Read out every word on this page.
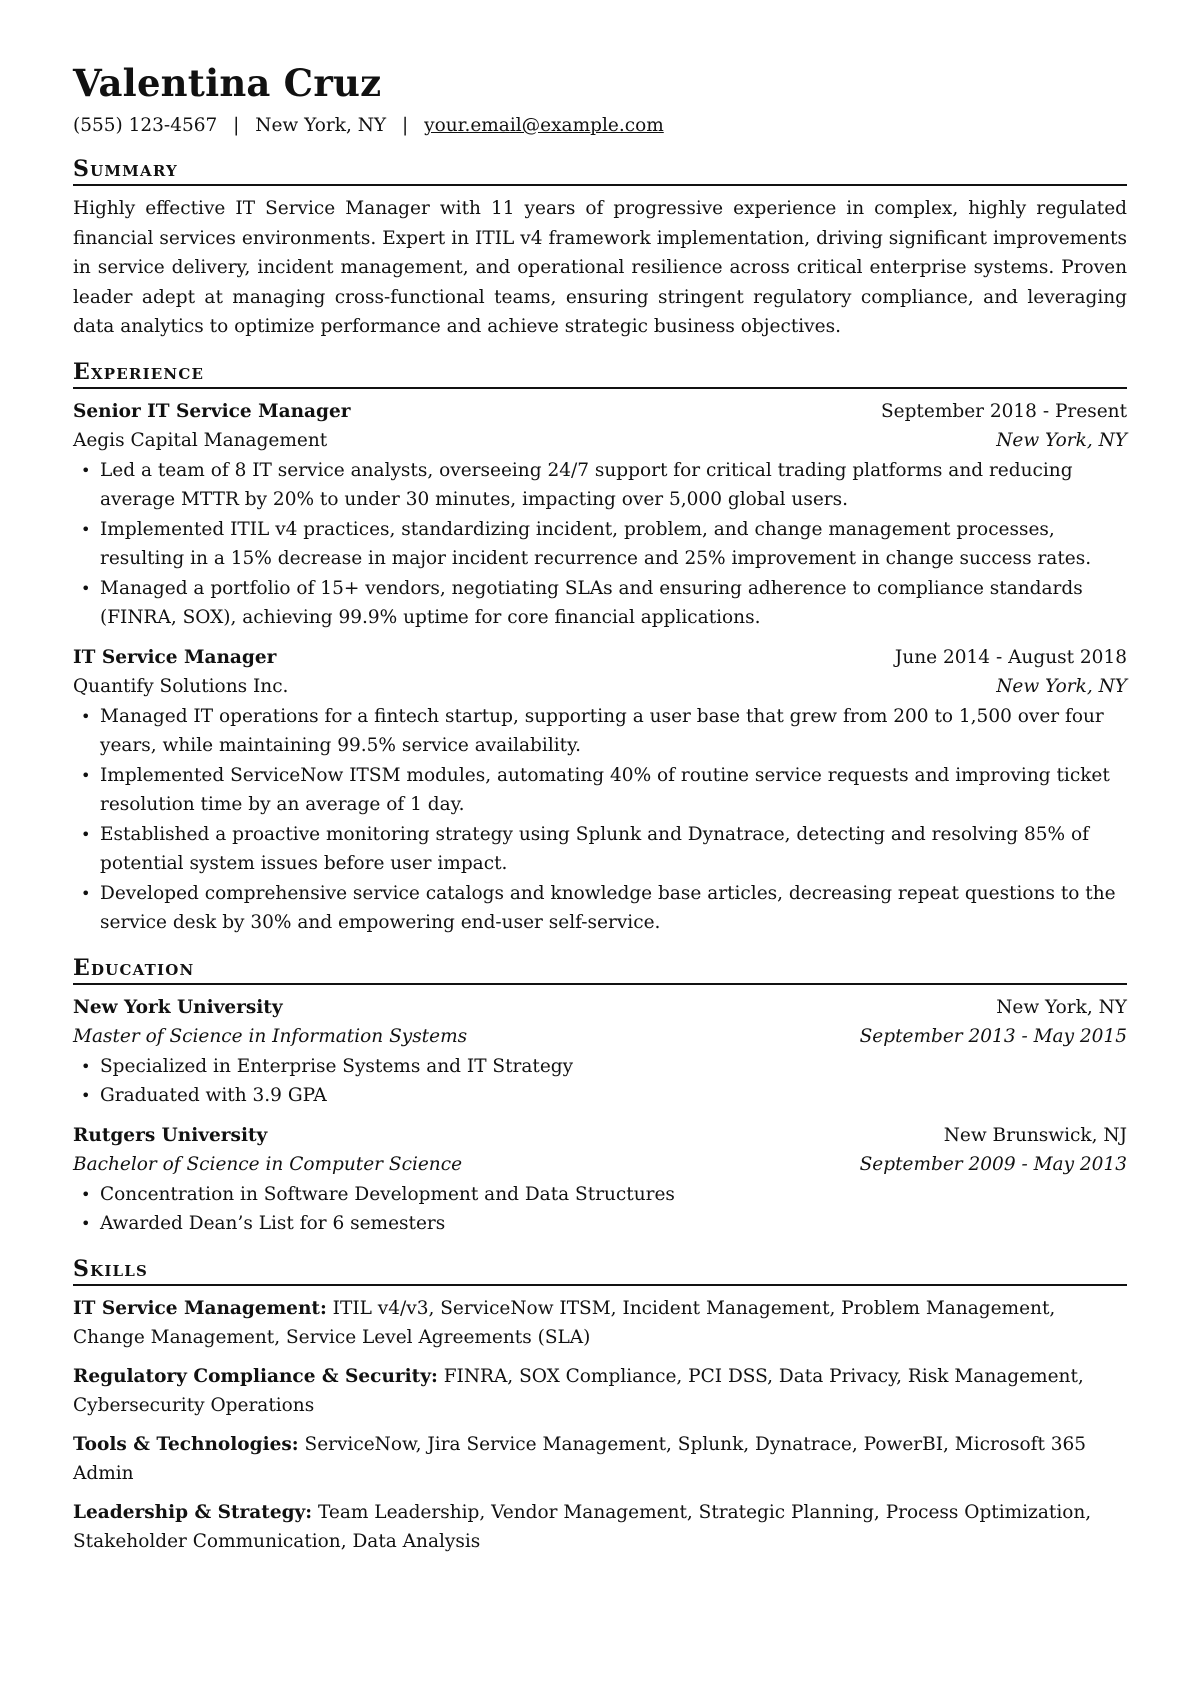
Valentina Cruz
(555) 123-4567 | New York, NY | your.email@example.com
Summary

Highly effective IT Service Manager with 11 years of progressive experience in complex, highly regulated financial services environments. Expert in ITIL v4 framework implementation, driving significant improvements in service delivery, incident management, and operational resilience across critical enterprise systems. Proven leader adept at managing cross-functional teams, ensuring stringent regulatory compliance, and leveraging data analytics to optimize performance and achieve strategic business objectives.

Experience
Senior IT Service Manager	September 2018 - Present
Aegis Capital Management	New York, NY
• Led a team of 8 IT service analysts, overseeing 24/7 support for critical trading platforms and reducing average MTTR by 20% to under 30 minutes, impacting over 5,000 global users.
• Implemented ITIL v4 practices, standardizing incident, problem, and change management processes, resulting in a 15% decrease in major incident recurrence and 25% improvement in change success rates.
• Managed a portfolio of 15+ vendors, negotiating SLAs and ensuring adherence to compliance standards (FINRA, SOX), achieving 99.9% uptime for core financial applications.
IT Service Manager	June 2014 - August 2018
Quantify Solutions Inc.	New York, NY
• Managed IT operations for a fintech startup, supporting a user base that grew from 200 to 1,500 over four years, while maintaining 99.5% service availability.
• Implemented ServiceNow ITSM modules, automating 40% of routine service requests and improving ticket resolution time by an average of 1 day.
• Established a proactive monitoring strategy using Splunk and Dynatrace, detecting and resolving 85% of potential system issues before user impact.
• Developed comprehensive service catalogs and knowledge base articles, decreasing repeat questions to the service desk by 30% and empowering end-user self-service.
Education
New York University	New York, NY
Master of Science in Information Systems	September 2013 - May 2015
• Specialized in Enterprise Systems and IT Strategy
• Graduated with 3.9 GPA
Rutgers University	New Brunswick, NJ
Bachelor of Science in Computer Science	September 2009 - May 2013
• Concentration in Software Development and Data Structures
• Awarded Dean’s List for 6 semesters
Skills
IT Service Management: ITIL v4/v3, ServiceNow ITSM, Incident Management, Problem Management, Change Management, Service Level Agreements (SLA)
Regulatory Compliance & Security: FINRA, SOX Compliance, PCI DSS, Data Privacy, Risk Management, Cybersecurity Operations
Tools & Technologies: ServiceNow, Jira Service Management, Splunk, Dynatrace, PowerBI, Microsoft 365 Admin
Leadership & Strategy: Team Leadership, Vendor Management, Strategic Planning, Process Optimization, Stakeholder Communication, Data Analysis
